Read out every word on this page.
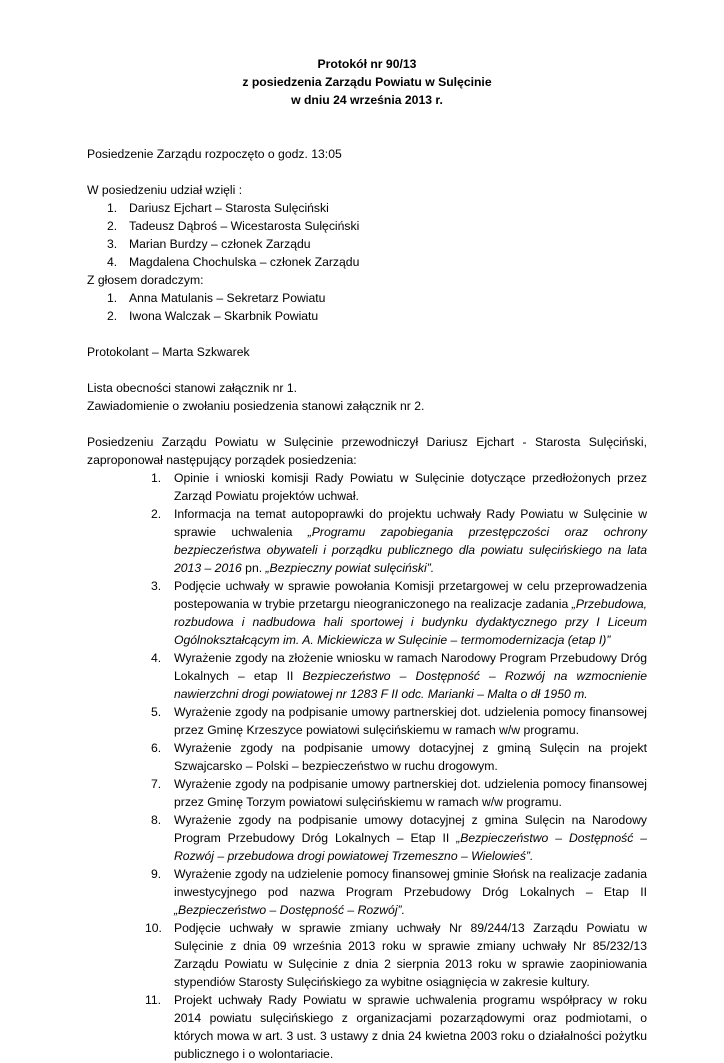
Protokół nr 90/13
z posiedzenia Zarządu Powiatu w Sulęcinie
w dniu 24 września 2013 r.

Posiedzenie Zarządu rozpoczęto o godz. 13:05

W posiedzeniu udział wzięli :

1. Dariusz Ejchart – Starosta Sulęciński
2. Tadeusz Dąbroś – Wicestarosta Sulęciński
3. Marian Burdzy – członek Zarządu
4. Magdalena Chochulska – członek Zarządu

Z głosem doradczym:

1. Anna Matulanis – Sekretarz Powiatu
2. Iwona Walczak – Skarbnik Powiatu

Protokolant – Marta Szkwarek

Lista obecności stanowi załącznik nr 1.

Zawiadomienie o zwołaniu posiedzenia stanowi załącznik nr 2.

Posiedzeniu Zarządu Powiatu w Sulęcinie przewodniczył Dariusz Ejchart - Starosta Sulęciński, zaproponował następujący porządek posiedzenia:

1. Opinie i wnioski komisji Rady Powiatu w Sulęcinie dotyczące przedłożonych przez Zarząd Powiatu projektów uchwał.
2. Informacja na temat autopoprawki do projektu uchwały Rady Powiatu w Sulęcinie w sprawie uchwalenia „Programu zapobiegania przestępczości oraz ochrony bezpieczeństwa obywateli i porządku publicznego dla powiatu sulęcińskiego na lata 2013 – 2016 pn. „Bezpieczny powiat sulęciński”.
3. Podjęcie uchwały w sprawie powołania Komisji przetargowej w celu przeprowadzenia postepowania w trybie przetargu nieograniczonego na realizacje zadania „Przebudowa, rozbudowa i nadbudowa hali sportowej i budynku dydaktycznego przy I Liceum Ogólnokształcącym im. A. Mickiewicza w Sulęcinie – termomodernizacja (etap I)”
4. Wyrażenie zgody na złożenie wniosku w ramach Narodowy Program Przebudowy Dróg Lokalnych – etap II Bezpieczeństwo – Dostępność – Rozwój na wzmocnienie nawierzchni drogi powiatowej nr 1283 F II odc. Marianki – Malta o dł 1950 m.
5. Wyrażenie zgody na podpisanie umowy partnerskiej dot. udzielenia pomocy finansowej przez Gminę Krzeszyce powiatowi sulęcińskiemu w ramach w/w programu.
6. Wyrażenie zgody na podpisanie umowy dotacyjnej z gminą Sulęcin na projekt Szwajcarsko – Polski – bezpieczeństwo w ruchu drogowym.
7. Wyrażenie zgody na podpisanie umowy partnerskiej dot. udzielenia pomocy finansowej przez Gminę Torzym powiatowi sulęcińskiemu w ramach w/w programu.
8. Wyrażenie zgody na podpisanie umowy dotacyjnej z gmina Sulęcin na Narodowy Program Przebudowy Dróg Lokalnych – Etap II „Bezpieczeństwo – Dostępność – Rozwój – przebudowa drogi powiatowej Trzemeszno – Wielowieś”.
9. Wyrażenie zgody na udzielenie pomocy finansowej gminie Słońsk na realizacje zadania inwestycyjnego pod nazwa Program Przebudowy Dróg Lokalnych – Etap II „Bezpieczeństwo – Dostępność – Rozwój”.
10. Podjęcie uchwały w sprawie zmiany uchwały Nr 89/244/13 Zarządu Powiatu w Sulęcinie z dnia 09 września 2013 roku w sprawie zmiany uchwały Nr 85/232/13 Zarządu Powiatu w Sulęcinie z dnia 2 sierpnia 2013 roku w sprawie zaopiniowania stypendiów Starosty Sulęcińskiego za wybitne osiągnięcia w zakresie kultury.
11. Projekt uchwały Rady Powiatu w sprawie uchwalenia programu współpracy w roku 2014 powiatu sulęcińskiego z organizacjami pozarządowymi oraz podmiotami, o których mowa w art. 3 ust. 3 ustawy z dnia 24 kwietna 2003 roku o działalności pożytku publicznego i o wolontariacie.
